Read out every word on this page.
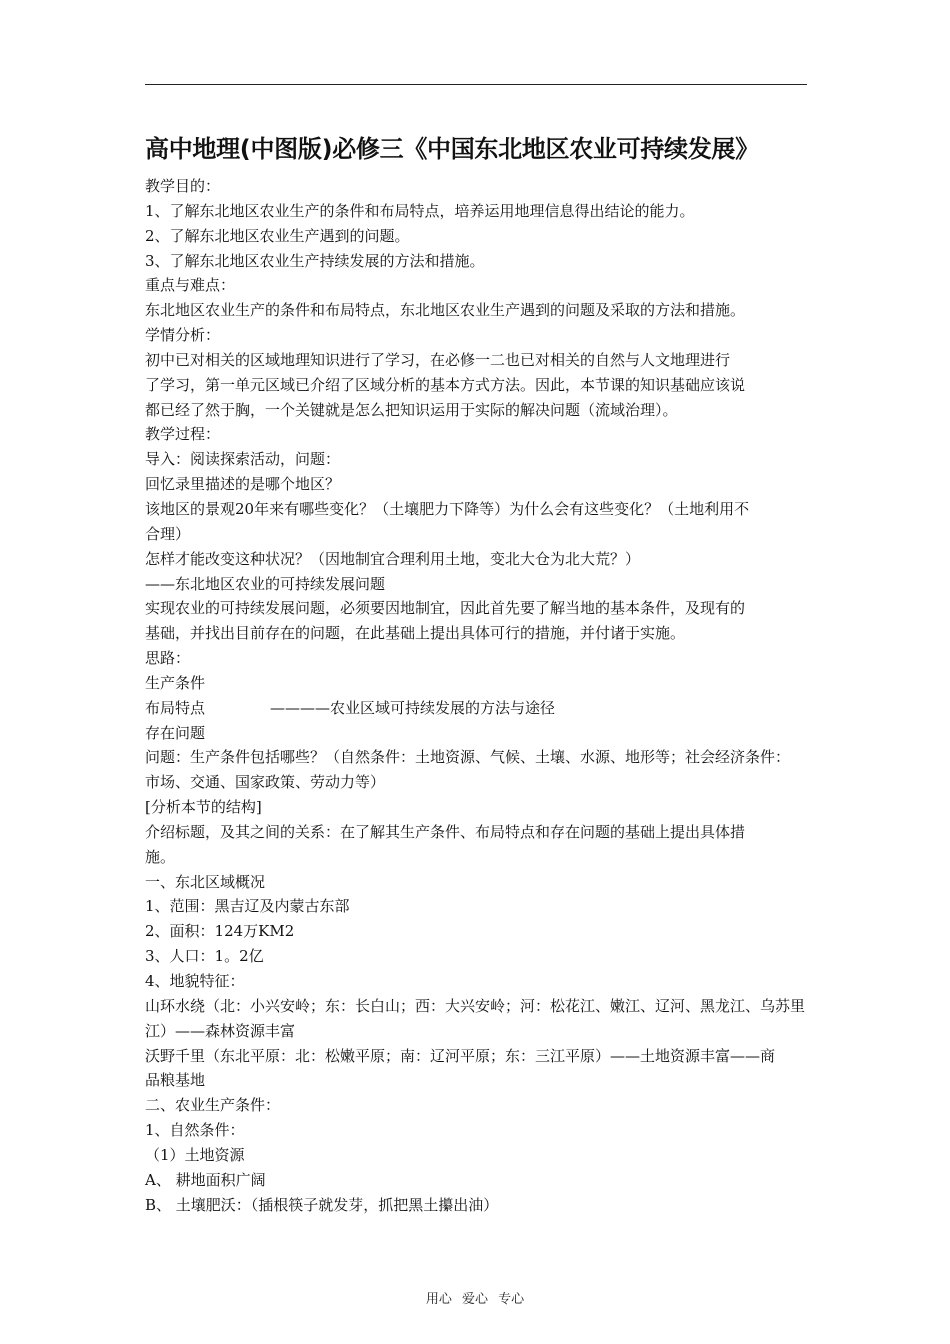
高中地理(中图版)必修三《中国东北地区农业可持续发展》
教学目的：
1、了解东北地区农业生产的条件和布局特点，培养运用地理信息得出结论的能力。
2、了解东北地区农业生产遇到的问题。
3、了解东北地区农业生产持续发展的方法和措施。
重点与难点：
东北地区农业生产的条件和布局特点，东北地区农业生产遇到的问题及采取的方法和措施。
学情分析：
初中已对相关的区域地理知识进行了学习，在必修一二也已对相关的自然与人文地理进行
了学习，第一单元区域已介绍了区域分析的基本方式方法。因此，本节课的知识基础应该说
都已经了然于胸，一个关键就是怎么把知识运用于实际的解决问题（流域治理）。
教学过程：
导入：阅读探索活动，问题：
回忆录里描述的是哪个地区？
该地区的景观20年来有哪些变化？（土壤肥力下降等）为什么会有这些变化？（土地利用不
合理）
怎样才能改变这种状况？（因地制宜合理利用土地，变北大仓为北大荒？）
——东北地区农业的可持续发展问题
实现农业的可持续发展问题，必须要因地制宜，因此首先要了解当地的基本条件，及现有的
基础，并找出目前存在的问题，在此基础上提出具体可行的措施，并付诸于实施。
思路：
生产条件
布局特点	————农业区域可持续发展的方法与途径
存在问题
问题：生产条件包括哪些？（自然条件：土地资源、气候、土壤、水源、地形等；社会经济条件：
市场、交通、国家政策、劳动力等）
[分析本节的结构]
介绍标题，及其之间的关系：在了解其生产条件、布局特点和存在问题的基础上提出具体措
施。
一、东北区域概况
1、范围：黑吉辽及内蒙古东部
2、面积：124万KM2
3、人口：1。2亿
4、地貌特征：
山环水绕（北：小兴安岭；东：长白山；西：大兴安岭；河：松花江、嫩江、辽河、黑龙江、乌苏里
江）——森林资源丰富
沃野千里（东北平原：北：松嫩平原；南：辽河平原；东：三江平原）——土地资源丰富——商
品粮基地
二、农业生产条件：
1、自然条件：
（1）土地资源
A、 耕地面积广阔
B、 土壤肥沃：（插根筷子就发芽，抓把黑土攥出油）
用心 爱心 专心
